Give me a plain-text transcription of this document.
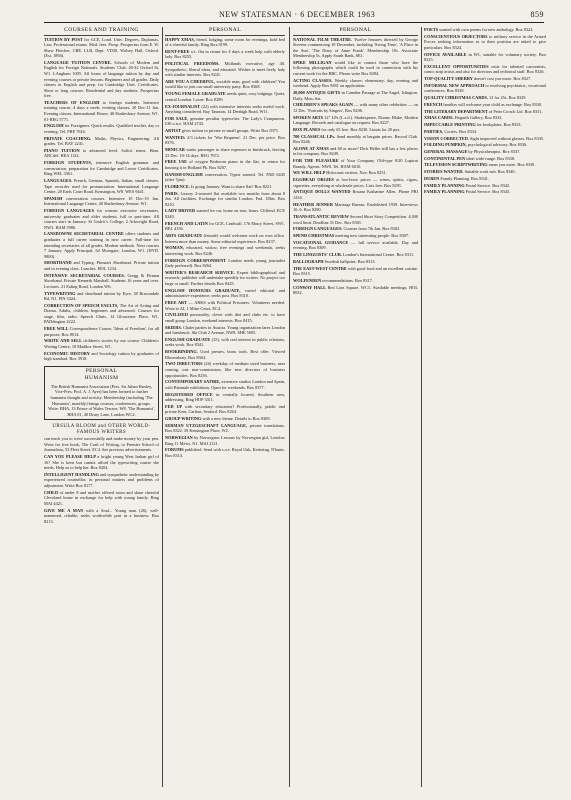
NEW STATESMAN · 6 DECEMBER 1963	859
COURSES AND TRAINING
TUITION BY POST for GCE, Lond. Univ. Degrees, Diplomas, Law, Professional exams. Mod. fees. Prosp. Prospectus from E. W. Shaw Fletcher, CBE, LLB, Dept. VD30, Wolsey Hall, Oxford. (Est. 1894).
LANGUAGE TUITION CENTRE. Schools of Modern and English for Foreign Nationals. Students' Club. 26-32 Oxford St, W1. LAngham 1005. All forms of language tuition by day and evening courses or private lessons. Beginners and all grades. Daily classes in English and prep. for Cambridge Univ. Certificates. Short or long courses. Residential and day students. Prospectus free.
TEACHERS OF ENGLISH to foreign students. Intensive training course, 4 days a week; evening classes, 20 Dec-11 Jan. Evening classes, International House, 40 Shaftesbury Avenue, W1. 01-REG 5771.
ENGLISH for Foreigners. Quick results. Qualified teacher, day or evening. Tel. FRE 7616.
PRIVATE COACHING. Maths, Physics, Engineering. All grades. Tel. BAY 2241.
PIANO TUITION to advanced level. Solicit terms. Ham. ABCdef. HEA 1122.
FOREIGN STUDENTS, intensive English grammar and conversation, preparation for Cambridge and Lower Certificates. Ring WEL 3361.
LANGUAGES. French, German, Spanish, Italian, small classes. Tape recorder used for pronunciation. International Language Centre, 20 Earls Court Road, Kensington, W8. WES 9441.
SPANISH conversation courses. Intensive 10 Dec-19 Jan. International Language Centre, 40 Shaftesbury Avenue, W1.
FOREIGN LANGUAGES for women executive secretaries, university graduates and older students, full or part-time. All courses start in January. St Godric's College, 2 Arkwright Road, NW3. HAM 5986.
LANSDOWNE SECRETARIAL CENTRE offers students and graduates a full career training in new career. Full-time for intending secretaries of all grades. Modern methods. Next courses 7 January. Apply Principal, 64 Moorgate, London, W1. (HYD. 9800).
SHORTHAND and Typing. Pitman's Shorthand. Private tuition and in evening class. Lunches. HOL 1234.
INTENSIVE SECRETARIAL COURSES. Gregg & Pitman Shorthand. Private Kenneth Marshall. Students 16 years and over. Lectures. 21 Ealing Road, London W6.
TYPEWRITING and shorthand tuition by Eyre, 38 Bracondale Rd, N1. FIN 3324.
CORRECTION OF SPEECH FAULTS, The Art of Acting and Drama. Adults, children, beginners and advanced. Courses for stage, film, radio. Speech Clinic, 14 Gloucester Place, W1. PADdington 2222.
FREE WILL Correspondence Course, 'Ideas of Freedom', for all purposes; Box 8014.
WRITE AND SELL children's stories by our course: Children's Writing Centre, 18 Maddox Street, W1.
ECONOMIC HISTORY and Sociology tuition by graduates of high standard. Box 3918.
PERSONAL
HUMANISM
The British Humanist Association (Pres. Sir Julian Huxley, Vice-Pres. Prof. A. J. Ayer) has been formed to further humanist thought and activity. Membership (including 'The Humanist', monthly) brings courses, conferences, groups. Write: BHA, 13 Prince of Wales Terrace, W8. 'The Humanist', BHA 01, 40 Drury Lane, London WC2.
URSULA BLOOM and OTHER WORLD-FAMOUS WRITERS
can teach you to write successfully and make money by your pen. Write for free book, The Craft of Writing, to Premier School of Journalism, 53 Fleet Street, EC4. See previous advertisements.
CAN YOU PLEASE HELP a bright young West Indian girl of 16? She is keen but cannot afford the typewriting course she needs. Help us to help her. Box 8204.
INTELLIGENT HANDLING and sympathetic understanding by experienced counsellor, in personal matters and problems of adjustment. Write Box 8177.
CHILD of under 8 and mother offered room and share cheerful Cleveland home in exchange for help with young family. Ring MAI 4421.
GIVE ME A MAN with a Soul... Young man (26), well-mannered, reliable, seeks worthwhile post in a business. Box 8213.
PERSONAL
HAPPY XMAS, friend, lodging, some room for evenings, hold bed of a cheerful family. Ring Box 8199.
RENT-FREE s/c. flat in return for 4 days a week help with elderly lady. Box 8255.
POLITICAL FREEDOMS. Midlands executive, age 40. Sympathetic, liberal ideas, and educated. Wishes to meet lively lady with similar interests. Box 8241.
ARE YOU A CHEERFUL, sociable man, good with children? You would like to join our small university party. Box 8368.
YOUNG FEMALE GRADUATE needs quiet, cosy lodgings. Quiet, central London. Lorne. Box 8289.
EX-JOURNALIST (22) with extensive interests seeks useful work. Anything considered. Ray Taunton, 14 Denbigh Road, W11.
FOR SALE, genuine peculiar typewriter. The Lady's Companion. £30 o.n.o. HAM 2743.
ARTIST gives tuition in private or small groups. Write Box 8371.
WANTED: 2/3 tickets for 'War Requiem'. 21 Dec. per price. Box 8376.
MINICAR wants passenger to share expenses to Innsbruck, leaving 23 Dec. 10-14 days. REG 7672.
FREE USE of oxygen Bedroom piano in the flat, in return for housing it in Holland Pk. Box 8207.
DANISH-ENGLISH conversation. Typist wanted. Tel. PAD 6445 (after 7pm).
FLORENCE. Is going January. Want to share flat? Box 8221.
PARIS. Luxury 2-roomed flat available two months from about 8 Jan. All facilities. Exchange for similar London. Fnd. 18bis. Box 8210.
LADY DRIVER wanted for car, home on tour, hours. Cliffend. ECE 8240.
FRENCH AND LATIN for GCE, Lindwall. 17b Ebury Street, SW1. BEL 4156.
ARTS GRADUATE (female) would welcome work on own office. Interest more than money. Some editorial experience. Box 8237.
WOMAN, educated, widow, free evenings and weekends, seeks interesting work. Box 8246.
FOREIGN CORRESPONDENT London needs young journalist (lady preferred). Box 8264.
WRITER'S RESEARCH SERVICE. Expert bibliographical and research; publisher will undertake speedily for writers. No project too large or small. Further details Box 8425.
ENGLISH HONOURS GRADUATE, varied editorial and administrative experience, seeks post. Box 8318.
FREE ART — ARKS with Political Prisoners: Volunteers needed. Write to AI, 1 Mitre Court, EC4.
CIVILIZED personality, clever with diet and clubs etc. to have small group London, weekend interests. Box 8415.
SKIERS. Chalet parties in Austria. Young organization fares London and Innsbruck. Ski Club 2 Avenue, NW8. SHE 5005.
ENGLISH GRADUATE (25), with real interest in public relations, seeks work. Box 8341.
BOOKBINDING. Used presses, brass tools. Best offer. Viewed Bloomsbury. Box 8364.
TWO DIRECTORS (26) weekday of medium sized business, near coming, one non-commission, like new directors of business opportunities. Box 8256.
CONTEMPORARY SATIRE, extensive studios London and Spain, with Biennale exhibitions. Open for weekends. Box 8377.
REGISTERED OFFICE in centrally located, Southern area, addressing. Ring HOP 3311.
FED UP with secondary education? Professionally, public and private Kent, Carlton, Seaford. Box 8264.
GROUP WRITING with a new theme. Details to Box 8308.
SERMAN UTZGESCHAFT LANGUAGE, private translations. Box 8322. 39 Kensington Place, W2.
NORWEGIAN by Norwegian. Lessons by Norwegian girl, London; Ring 11 Mews, N1. MAI 2121.
FORUMS published. Send with s.a.e. Royal Oak, Kettering, N'hants. Box 8314.
PERSONAL
NATIONAL FILM THEATRE. Twelve features directed by George Stevens commencing 10 December, including 'Swing Time', 'A Place in the Sun', 'The Diary of Anne Frank'. Membership 10s. Associate Membership 5s. Apply South Bank, SE1.
SPIKE MILLIGAN would like to contact those who have the following photographs which could be used in connection with his current work for the BBC. Please write Box 8284.
ACTING CLASSES. Weekly classes: elementary, day, evening and weekend. Apply Box 8381 on application.
20,000 ANTIQUE GIFTS in Camden Passage at The Angel, Islington. Daily, Mon–Sat.
CHILDREN'S SPEAKS AGAIN — with many other celebrities — on 12 Dec. 'Portraits by Singers', Box 8206.
SPOKEN ARTS 12" LPs (L.s.d.). Shakespeare, Donne, Blake, Modern Language. Records and catalogue on request. Box 8227.
BOX PLANES for only £5 free. Box 8230. Limits for 20 pax.
700 CLASSICAL LPs. Send monthly at bargain prices. Record Club. Box 8246.
ALONE AT XMAS and 60 or more? Dick Heller still has a few places in his company. Box 8249.
FOR THE PLEASURE of Your Company. Old-type 0/20 Lupicat Brandy, Agents. NW8. Tel. HAM 6010.
WE WILL HELP Holocaust victims. Nov. Box 8251.
EGGHEAD ORGIES at low-brow prices — wines, spirits, cigars, cigarettes, everything at wholesale prices. Lists free. Box 8291.
ANTIQUE DOLLS WANTED Rosana Katharine Allen. Phone PRI 1234.
HEATHER JENNER Marriage Bureau. Established 1939. Interviews 10–6. Box 8290.
TRANSATLANTIC REVIEW Second Short Story Competition. 4,000 word limit. Deadline 31 Dec. Box 8301.
FOREIGN LANGUAGES. Courses from 7th Jan. Box 8302.
SPEND CHRISTMAS meeting new interesting people. Box 8307.
VOCATIONAL GUIDANCE — full service available. Day and evening. Box 8309.
THE LINGUISTS' CLUB. London's International Centre. Box 8311.
BALLOGRAPH Swedish ballpoint. Box 8313.
THE EAST-WEST CENTRE with good food and an excellent cuisine. Box 8315.
WOLFENDEN recommendations. Box 8317.
CONWAY HALL Red Lion Square, WC1. Available meetings. HOL 8032.
POETS wanted with own poems for new anthology. Box 8322.
CONSCIENTIOUS OBJECTORS to military service in the Armed Forces seeking information as to their position are asked to give particulars. Box 8324.
OFFICE AVAILABLE in W1, suitable for voluntary society. Box 8325.
EXCELLENT OPPORTUNITIES exist for talented cartoonists, comic strip artists and also for directors and technical staff. Box 8326.
TOP-QUALITY SHERRY doesn't cost you more. Box 8327.
INFORMAL NEW APPROACH to resolving psychiatric, vocational conferences. Box 8328.
QUALITY CHRISTMAS CARDS. 12 for 25s. Box 8329.
FRENCH families will welcome your child as exchange. Box 8330.
THE LITERARY DEPARTMENT of Peter Crosch Ltd. Box 8331.
XMAS CARDS. Hogarth Gallery, Box 8332.
IMPECCABLE PRINTING for bookplates. Box 8333.
PARTIES, Corries. Box 8334.
VISION CORRECTED. Sight improved without glasses. Box 8335.
FOLDING PUMPKIN, psychological advisory. Box 8336.
GENERAL MASSAGE by Physiotherapist. Box 8337.
CONTINENTAL PEN ideal wide-range. Box 8338.
TELEVISION SCRIPTWRITING earns you more. Box 8339.
STORIES WANTED. Suitable work sub. Box 8340.
DUREN Family Planning. Box 8341.
FAMILY PLANNING Postal Service. Box 8342.
FAMILY PLANNING Postal Service. Box 8343.
